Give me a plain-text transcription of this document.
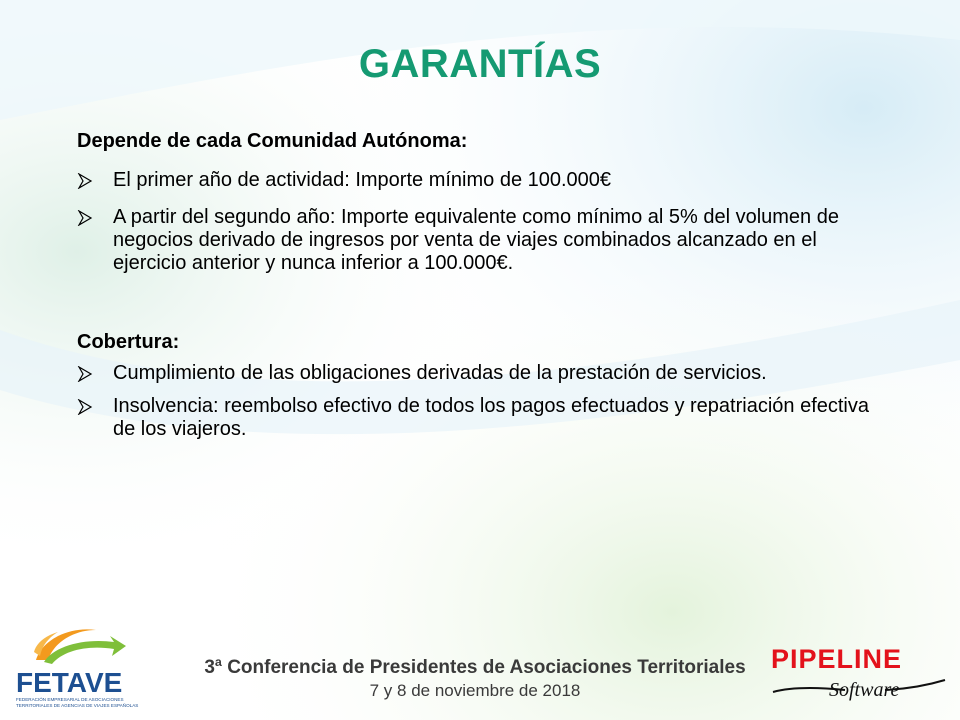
GARANTÍAS

Depende de cada Comunidad Autónoma:

El primer año de actividad: Importe mínimo de 100.000€

A partir del segundo año: Importe equivalente como mínimo al 5% del volumen de negocios derivado de ingresos por venta de viajes combinados alcanzado en el ejercicio anterior y nunca inferior a 100.000€.

Cobertura:

Cumplimiento de las obligaciones derivadas de la prestación de servicios.

Insolvencia: reembolso efectivo de todos los pagos efectuados y repatriación efectiva de los viajeros.

FETAVE
FEDERACIÓN EMPRESARIAL DE ASOCIACIONES
TERRITORIALES DE AGENCIAS DE VIAJES ESPAÑOLAS
3ª Conferencia de Presidentes de Asociaciones Territoriales
7 y 8 de noviembre de 2018
PIPELINE
Software
